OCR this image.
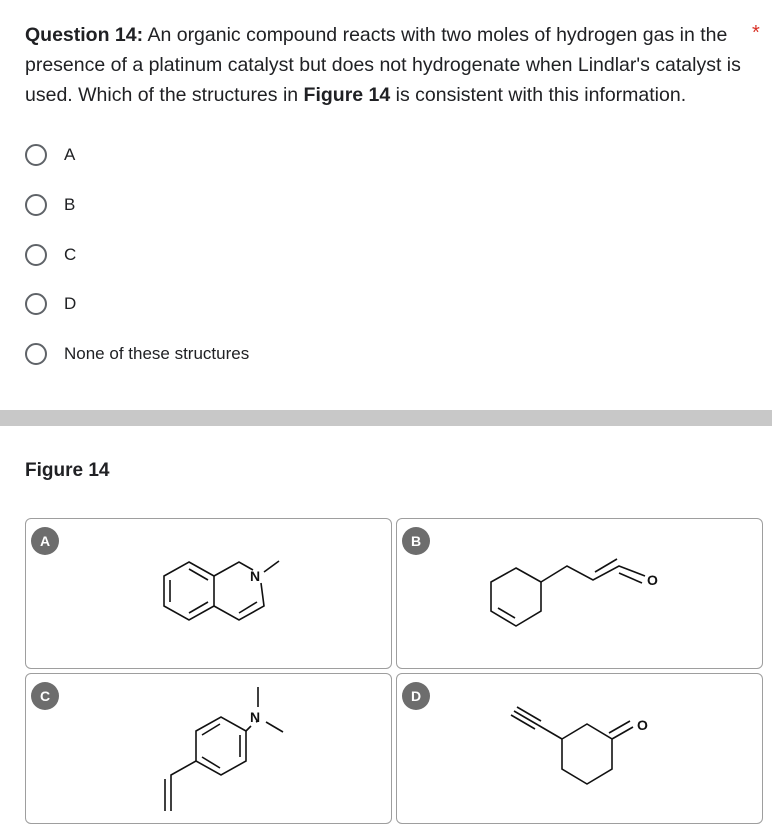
Question 14: An organic compound reacts with two moles of hydrogen gas in the presence of a platinum catalyst but does not hydrogenate when Lindlar's catalyst is used. Which of the structures in Figure 14 is consistent with this information.
*
A
B
C
D
None of these structures
Figure 14
A
N
B
O
C
N
D
O
